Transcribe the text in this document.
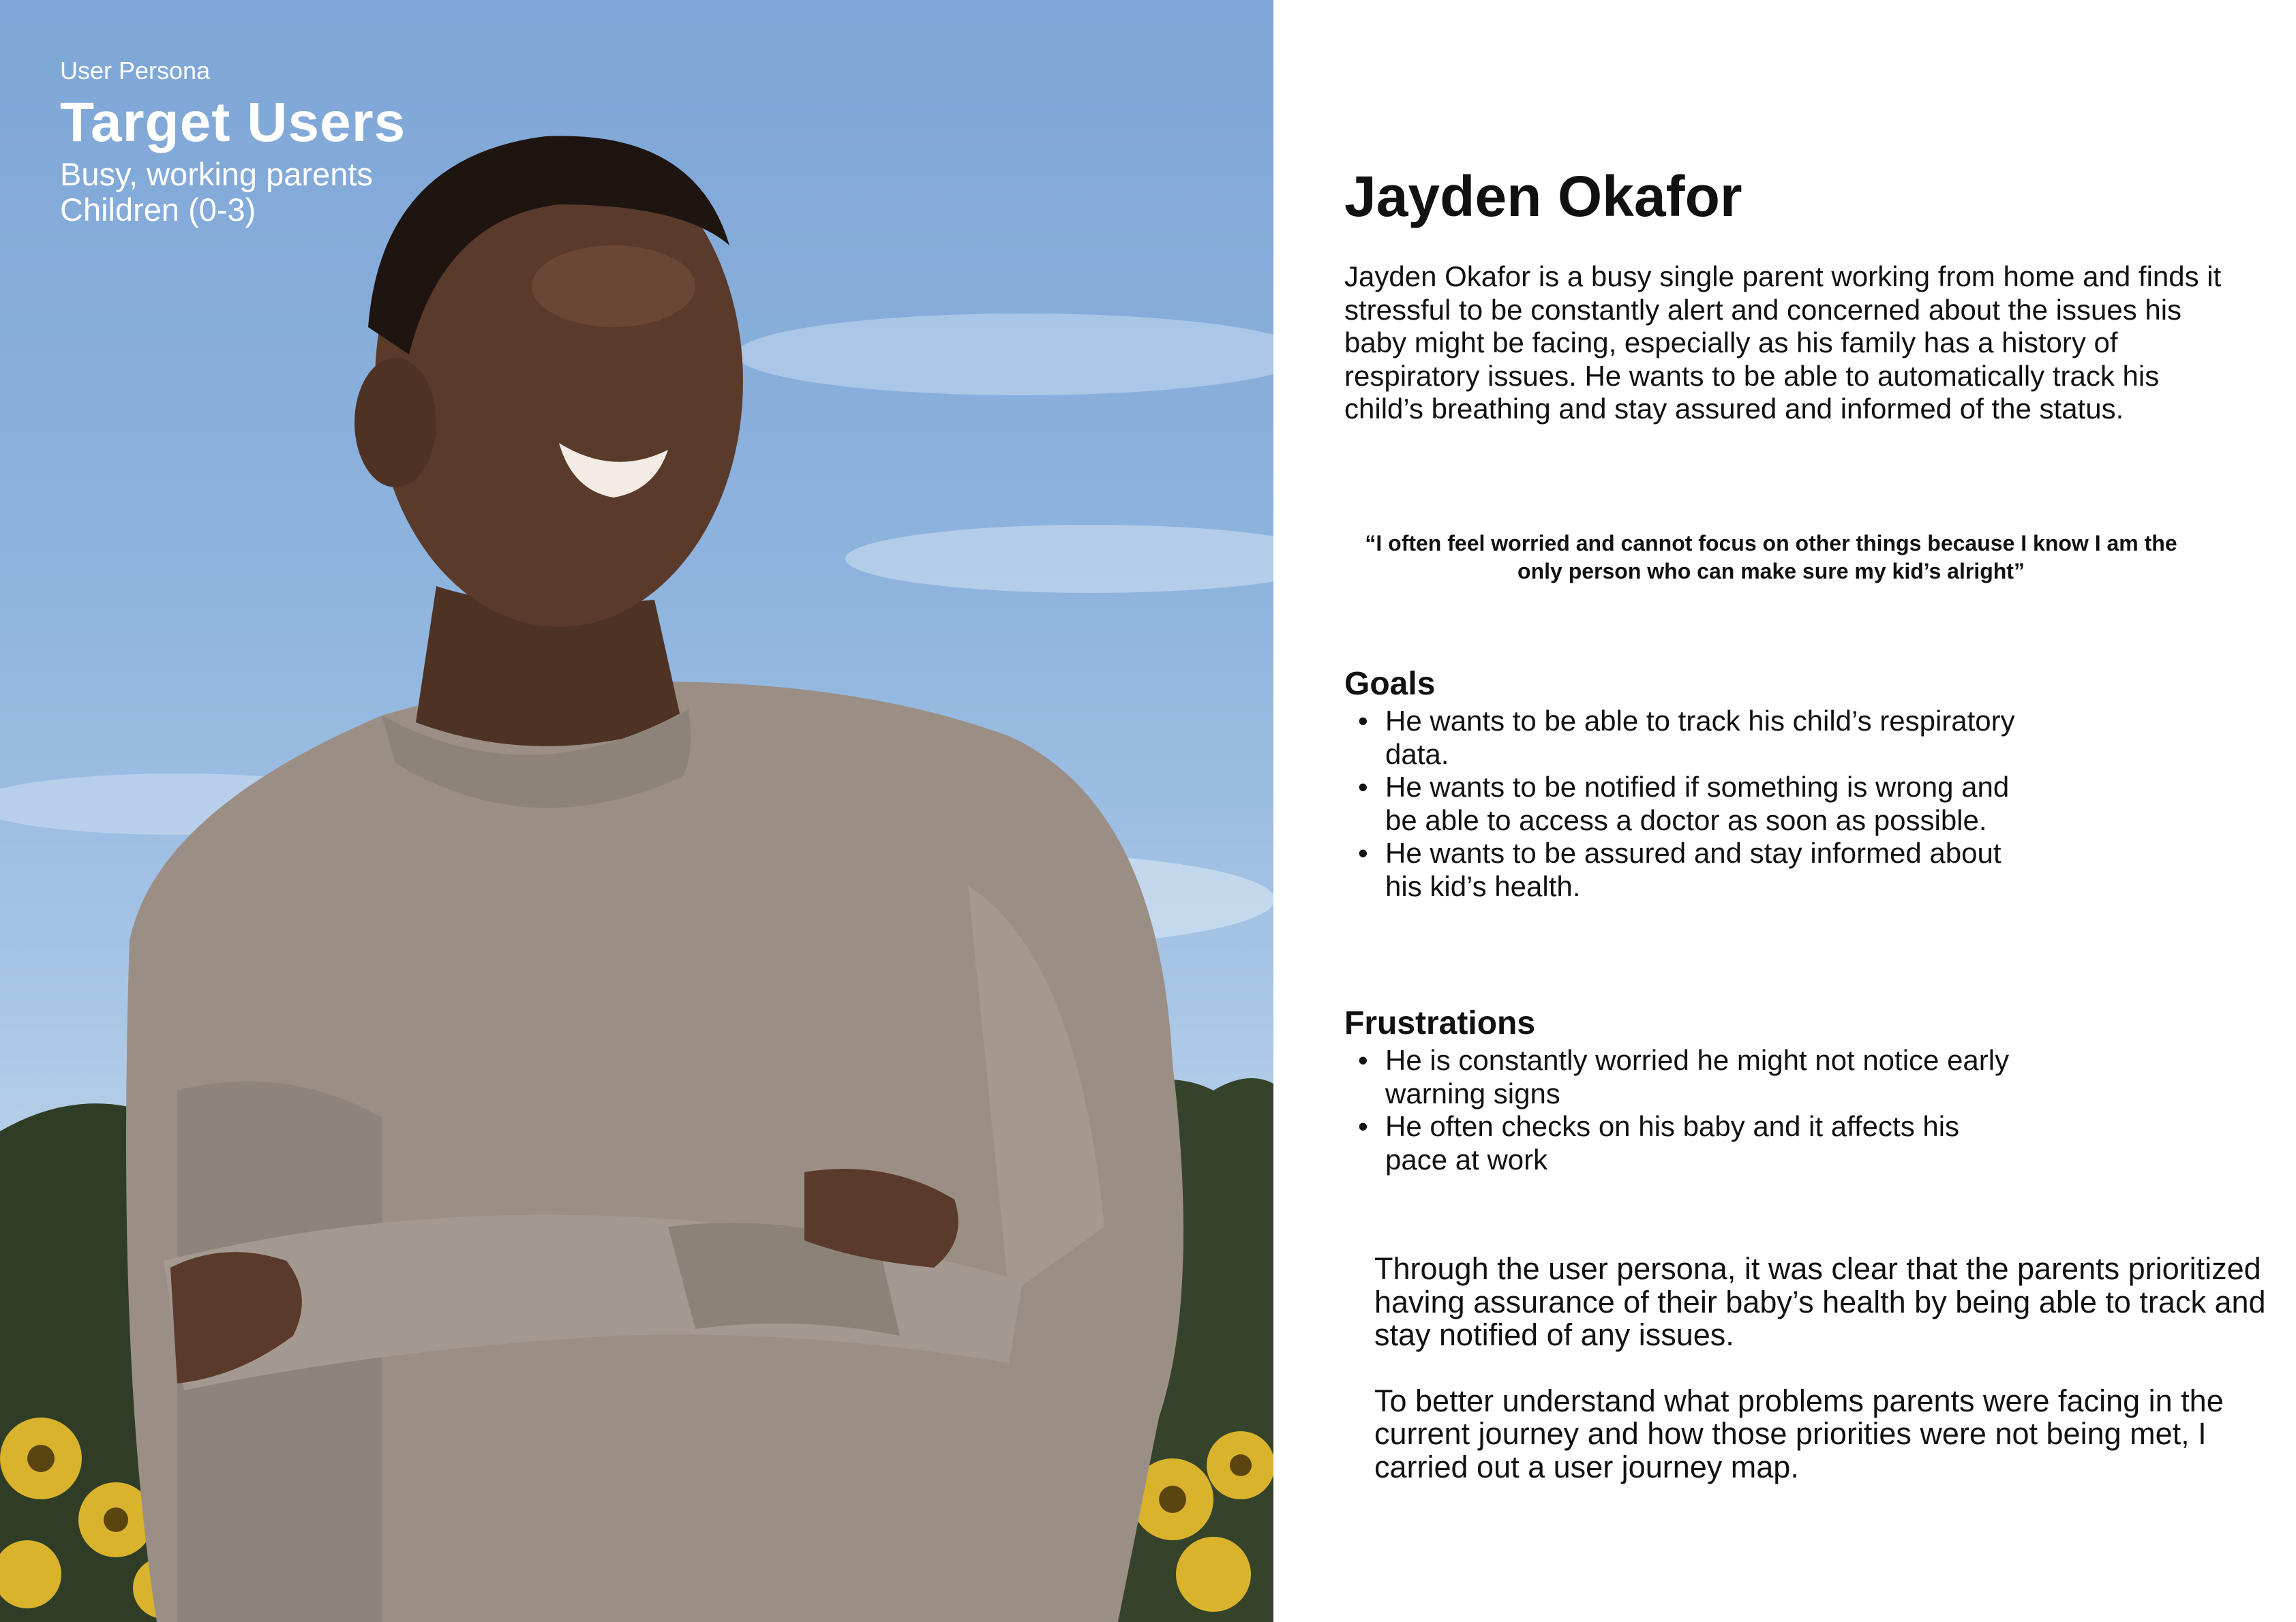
User Persona
Target Users
Busy, working parents
Children (0-3)	Jayden Okafor

Jayden Okafor is a busy single parent working from home and finds it stressful to be constantly alert and concerned about the issues his baby might be facing, especially as his family has a history of respiratory issues. He wants to be able to automatically track his child’s breathing and stay assured and informed of the status.

“I often feel worried and cannot focus on other things because I know I am the only person who can make sure my kid’s alright”

Goals
• He wants to be able to track his child’s respiratory data.
• He wants to be notified if something is wrong and be able to access a doctor as soon as possible.
• He wants to be assured and stay informed about his kid’s health.
Frustrations
• He is constantly worried he might not notice early warning signs
• He often checks on his baby and it affects his pace at work

Through the user persona, it was clear that the parents prioritized having assurance of their baby’s health by being able to track and stay notified of any issues.

To better understand what problems parents were facing in the current journey and how those priorities were not being met, I carried out a user journey map.
